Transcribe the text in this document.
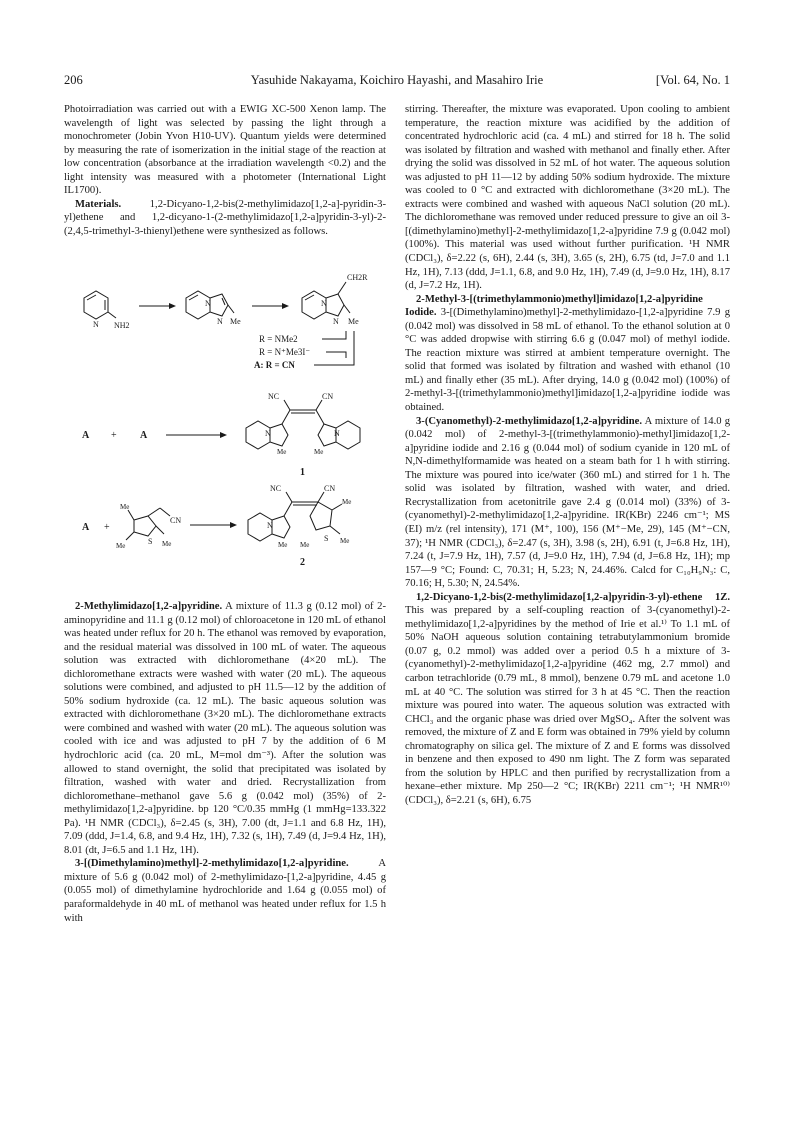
206	Yasuhide Nakayama, Koichiro Hayashi, and Masahiro Irie	[Vol. 64, No. 1

Photoirradiation was carried out with a EWIG XC-500 Xenon lamp. The wavelength of light was selected by passing the light through a monochrometer (Jobin Yvon H10-UV). Quantum yields were determined by measuring the rate of isomerization in the initial stage of the reaction at low concentration (absorbance at the irradiation wavelength <0.2) and the light intensity was measured with a photometer (International Light IL1700).

Materials. 1,2-Dicyano-1,2-bis(2-methylimidazo[1,2-a]-pyridin-3-yl)ethene and 1,2-dicyano-1-(2-methylimidazo[1,2-a]pyridin-3-yl)-2-(2,4,5-trimethyl-3-thienyl)ethene were synthesized as follows.

N NH2
N
N Me
N
N
CH2R
Me
R = NMe2
R = N⁺Me3I⁻
A: R = CN
A + A
NC	CN
N	N
Me	Me
1
A +
S
Me
Me	Me
CN
NC	CN
S
Me
Me
N
Me Me
2

2-Methylimidazo[1,2-a]pyridine. A mixture of 11.3 g (0.12 mol) of 2-aminopyridine and 11.1 g (0.12 mol) of chloroacetone in 120 mL of ethanol was heated under reflux for 20 h. The ethanol was removed by evaporation, and the residual material was dissolved in 100 mL of water. The aqueous solution was extracted with dichloromethane (4×20 mL). The dichloromethane extracts were washed with water (20 mL). The aqueous solutions were combined, and adjusted to pH 11.5—12 by the addition of 50% sodium hydroxide (ca. 12 mL). The basic aqueous solution was extracted with dichloromethane (3×20 mL). The dichloromethane extracts were combined and washed with water (20 mL). The aqueous solution was cooled with ice and was adjusted to pH 7 by the addition of 6 M hydrochloric acid (ca. 20 mL, M=mol dm⁻³). After the solution was allowed to stand overnight, the solid that precipitated was isolated by filtration, washed with water and dried. Recrystallization from dichloromethane–methanol gave 5.6 g (0.042 mol) (35%) of 2-methylimidazo[1,2-a]pyridine. bp 120 °C/0.35 mmHg (1 mmHg=133.322 Pa). ¹H NMR (CDCl₃), δ=2.45 (s, 3H), 7.00 (dt, J=1.1 and 6.8 Hz, 1H), 7.09 (ddd, J=1.4, 6.8, and 9.4 Hz, 1H), 7.32 (s, 1H), 7.49 (d, J=9.4 Hz, 1H), 8.01 (dt, J=6.5 and 1.1 Hz, 1H).

3-[(Dimethylamino)methyl]-2-methylimidazo[1,2-a]pyridine. A mixture of 5.6 g (0.042 mol) of 2-methylimidazo-[1,2-a]pyridine, 4.45 g (0.055 mol) of dimethylamine hydrochloride and 1.64 g (0.055 mol) of paraformaldehyde in 40 mL of methanol was heated under reflux for 1.5 h with

stirring. Thereafter, the mixture was evaporated. Upon cooling to ambient temperature, the reaction mixture was acidified by the addition of concentrated hydrochloric acid (ca. 4 mL) and stirred for 18 h. The solid was isolated by filtration and washed with methanol and finally ether. After drying the solid was dissolved in 52 mL of hot water. The aqueous solution was adjusted to pH 11—12 by adding 50% sodium hydroxide. The mixture was cooled to 0 °C and extracted with dichloromethane (3×20 mL). The extracts were combined and washed with aqueous NaCl solution (20 mL). The dichloromethane was removed under reduced pressure to give an oil 3-[(dimethylamino)methyl]-2-methylimidazo[1,2-a]pyridine 7.9 g (0.042 mol) (100%). This material was used without further purification. ¹H NMR (CDCl₃), δ=2.22 (s, 6H), 2.44 (s, 3H), 3.65 (s, 2H), 6.75 (td, J=7.0 and 1.1 Hz, 1H), 7.13 (ddd, J=1.1, 6.8, and 9.0 Hz, 1H), 7.49 (d, J=9.0 Hz, 1H), 8.17 (d, J=7.2 Hz, 1H).

2-Methyl-3-[(trimethylammonio)methyl]imidazo[1,2-a]pyridine Iodide. 3-[(Dimethylamino)methyl]-2-methylimidazo-[1,2-a]pyridine 7.9 g (0.042 mol) was dissolved in 58 mL of ethanol. To the ethanol solution at 0 °C was added dropwise with stirring 6.6 g (0.047 mol) of methyl iodide. The reaction mixture was stirred at ambient temperature overnight. The solid that formed was isolated by filtration and washed with ethanol (10 mL) and finally ether (35 mL). After drying, 14.0 g (0.042 mol) (100%) of 2-methyl-3-[(trimethylammonio)methyl]imidazo[1,2-a]pyridine iodide was obtained.

3-(Cyanomethyl)-2-methylimidazo[1,2-a]pyridine. A mixture of 14.0 g (0.042 mol) of 2-methyl-3-[(trimethylammonio)-methyl]imidazo[1,2-a]pyridine iodide and 2.16 g (0.044 mol) of sodium cyanide in 120 mL of N,N-dimethylformamide was heated on a steam bath for 1 h with stirring. The mixture was poured into ice/water (360 mL) and stirred for 1 h. The solid was isolated by filtration, washed with water, and dried. Recrystallization from acetonitrile gave 2.4 g (0.014 mol) (33%) of 3-(cyanomethyl)-2-methylimidazo[1,2-a]pyridine. IR(KBr) 2246 cm⁻¹; MS (EI) m/z (rel intensity), 171 (M⁺, 100), 156 (M⁺−Me, 29), 145 (M⁺−CN, 37); ¹H NMR (CDCl₃), δ=2.47 (s, 3H), 3.98 (s, 2H), 6.91 (t, J=6.8 Hz, 1H), 7.24 (t, J=7.9 Hz, 1H), 7.57 (d, J=9.0 Hz, 1H), 7.94 (d, J=6.8 Hz, 1H); mp 157—9 °C; Found: C, 70.31; H, 5.23; N, 24.46%. Calcd for C₁₀H₉N₃: C, 70.16; H, 5.30; N, 24.54%.

1,2-Dicyano-1,2-bis(2-methylimidazo[1,2-a]pyridin-3-yl)-ethene 1Z. This was prepared by a self-coupling reaction of 3-(cyanomethyl)-2-methylimidazo[1,2-a]pyridines by the method of Irie et al.¹⁾ To 1.1 mL of 50% NaOH aqueous solution containing tetrabutylammonium bromide (0.07 g, 0.2 mmol) was added over a period 0.5 h a mixture of 3-(cyanomethyl)-2-methylimidazo[1,2-a]pyridine (462 mg, 2.7 mmol) and carbon tetrachloride (0.79 mL, 8 mmol), benzene 0.79 mL and acetone 1.0 mL at 40 °C. The solution was stirred for 3 h at 45 °C. Then the reaction mixture was poured into water. The aqueous solution was extracted with CHCl₃ and the organic phase was dried over MgSO₄. After the solvent was removed, the mixture of Z and E form was obtained in 79% yield by column chromatography on silica gel. The mixture of Z and E forms was dissolved in benzene and then exposed to 490 nm light. The Z form was separated from the solution by HPLC and then purified by recrystallization from a hexane–ether mixture. Mp 250—2 °C; IR(KBr) 2211 cm⁻¹; ¹H NMR¹⁰⁾ (CDCl₃), δ=2.21 (s, 6H), 6.75
